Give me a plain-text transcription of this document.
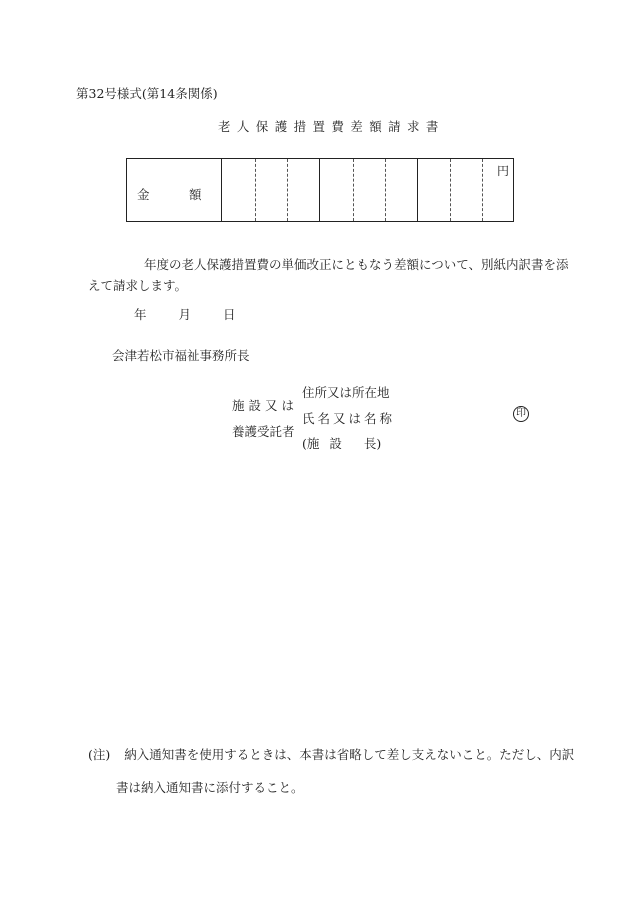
第32号様式(第14条関係)
老人保護措置費差額請求書
金	額
円
年度の老人保護措置費の単価改正にともなう差額について、別紙内訳書を添
えて請求します。
年	月	日
会津若松市福祉事務所長
施設又は
養護受託者
住所又は所在地
氏名又は名称
(施 設 長)
印
(注) 納入通知書を使用するときは、本書は省略して差し支えないこと。ただし、内訳
書は納入通知書に添付すること。
